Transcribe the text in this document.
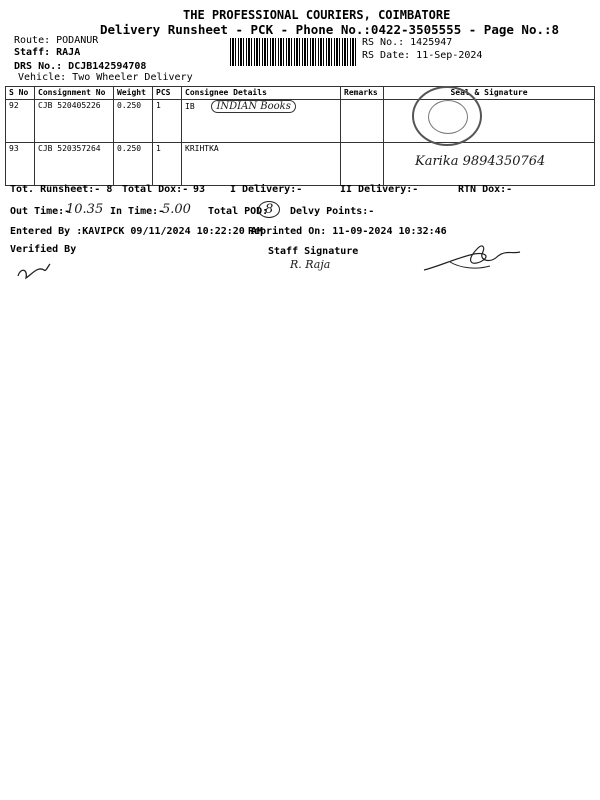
THE PROFESSIONAL COURIERS, COIMBATORE
Delivery Runsheet - PCK - Phone No.:0422-3505555 - Page No.:8
Route: PODANUR
Staff: RAJA
DRS No.: DCJB142594708
Vehicle: Two Wheeler Delivery
RS No.: 1425947
RS Date: 11-Sep-2024
S No	Consignment No	Weight	PCS	Consignee Details	Remarks	Seal & Signature
92	CJB 520405226	0.250	1	IB INDIAN Books		
93	CJB 520357264	0.250	1	KRIHTKA		Karika 9894350764
Tot. Runsheet:- 8 Total Dox:- 93 I Delivery:-	II Delivery:-	RTN Dox:-
Out Time:-
10.35 In Time:-
5.00 Total POD:
8	Delvy Points:-
Entered By :KAVIPCK 09/11/2024 10:22:20 AM
Reprinted On: 11-09-2024 10:32:46
Verified By	Staff Signature
R. Raja
